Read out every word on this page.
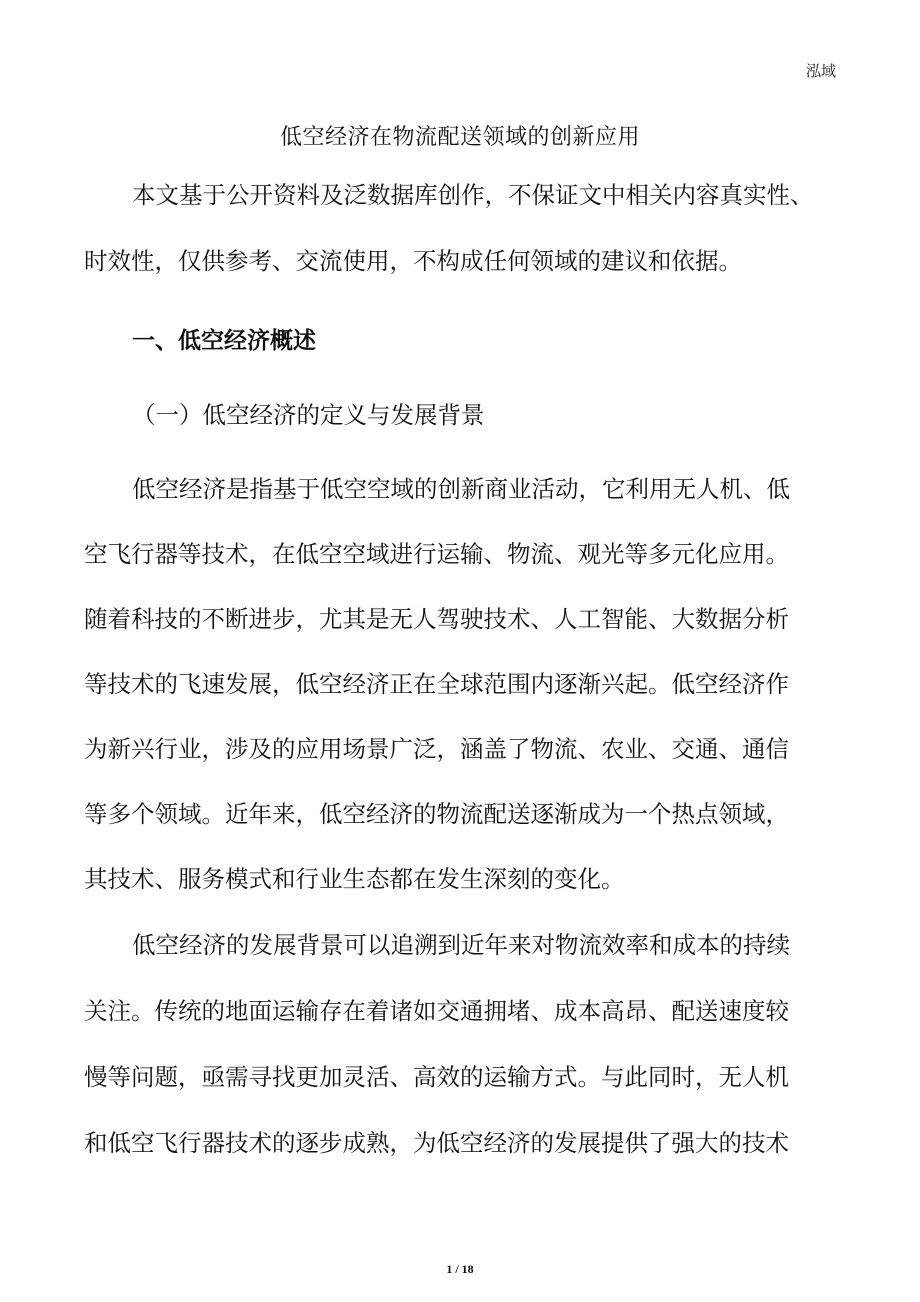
泓域
低空经济在物流配送领域的创新应用
本文基于公开资料及泛数据库创作，不保证文中相关内容真实性、
时效性，仅供参考、交流使用，不构成任何领域的建议和依据。
一、低空经济概述
（一）低空经济的定义与发展背景
低空经济是指基于低空空域的创新商业活动，它利用无人机、低
空飞行器等技术，在低空空域进行运输、物流、观光等多元化应用。
随着科技的不断进步，尤其是无人驾驶技术、人工智能、大数据分析
等技术的飞速发展，低空经济正在全球范围内逐渐兴起。低空经济作
为新兴行业，涉及的应用场景广泛，涵盖了物流、农业、交通、通信
等多个领域。近年来，低空经济的物流配送逐渐成为一个热点领域，
其技术、服务模式和行业生态都在发生深刻的变化。
低空经济的发展背景可以追溯到近年来对物流效率和成本的持续
关注。传统的地面运输存在着诸如交通拥堵、成本高昂、配送速度较
慢等问题，亟需寻找更加灵活、高效的运输方式。与此同时，无人机
和低空飞行器技术的逐步成熟，为低空经济的发展提供了强大的技术
1 / 18
